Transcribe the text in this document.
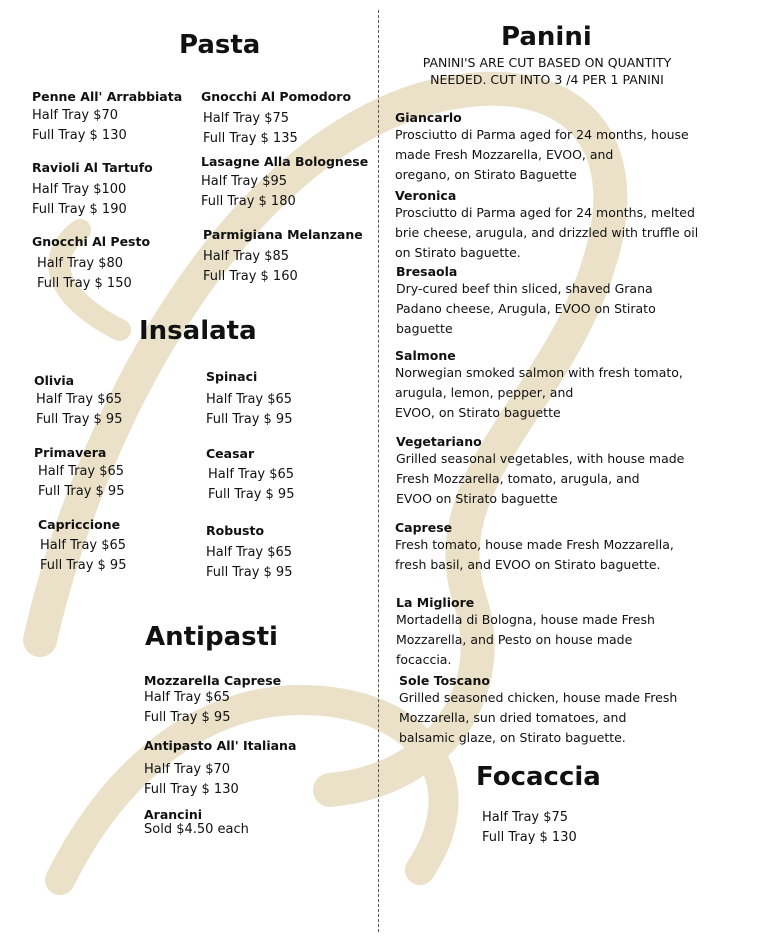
Pasta
Penne All' Arrabbiata
Half Tray $70
Full Tray $ 130
Ravioli Al Tartufo
Half Tray $100
Full Tray $ 190
Gnocchi Al Pesto
Half Tray $80
Full Tray $ 150
Gnocchi Al Pomodoro
Half Tray $75
Full Tray $ 135
Lasagne Alla Bolognese
Half Tray $95
Full Tray $ 180
Parmigiana Melanzane
Half Tray $85
Full Tray $ 160
Insalata
Olivia
Half Tray $65
Full Tray $ 95
Primavera
Half Tray $65
Full Tray $ 95
Capriccione
Half Tray $65
Full Tray $ 95
Spinaci
Half Tray $65
Full Tray $ 95
Ceasar
Half Tray $65
Full Tray $ 95
Robusto
Half Tray $65
Full Tray $ 95
Antipasti
Mozzarella Caprese
Half Tray $65
Full Tray $ 95
Antipasto All' Italiana
Half Tray $70
Full Tray $ 130
Arancini
Sold $4.50 each
Panini
PANINI'S ARE CUT BASED ON QUANTITY
NEEDED. CUT INTO 3 /4 PER 1 PANINI
Giancarlo
Prosciutto di Parma aged for 24 months, house
made Fresh Mozzarella, EVOO, and
oregano, on Stirato Baguette
Veronica
Prosciutto di Parma aged for 24 months, melted
brie cheese, arugula, and drizzled with truffle oil
on Stirato baguette.
Bresaola
Dry-cured beef thin sliced, shaved Grana
Padano cheese, Arugula, EVOO on Stirato
baguette
Salmone
Norwegian smoked salmon with fresh tomato,
arugula, lemon, pepper, and
EVOO, on Stirato baguette
Vegetariano
Grilled seasonal vegetables, with house made
Fresh Mozzarella, tomato, arugula, and
EVOO on Stirato baguette
Caprese
Fresh tomato, house made Fresh Mozzarella,
fresh basil, and EVOO on Stirato baguette.
La Migliore
Mortadella di Bologna, house made Fresh
Mozzarella, and Pesto on house made
focaccia.
Sole Toscano
Grilled seasoned chicken, house made Fresh
Mozzarella, sun dried tomatoes, and
balsamic glaze, on Stirato baguette.
Focaccia
Half Tray $75
Full Tray $ 130
